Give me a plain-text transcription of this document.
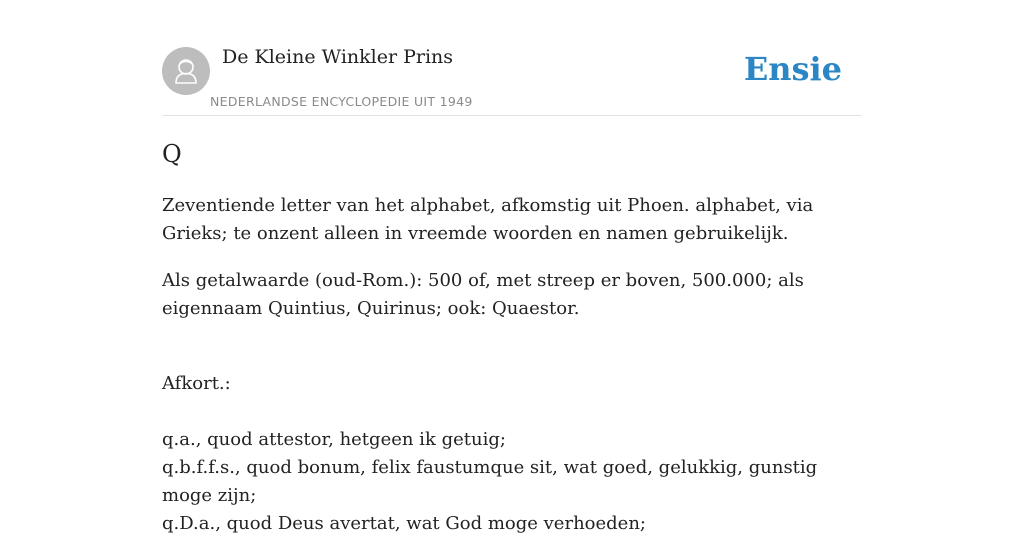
De Kleine Winkler Prins
NEDERLANDSE ENCYCLOPEDIE UIT 1949
Ensie
Q

Zeventiende letter van het alphabet, afkomstig uit Phoen. alphabet, via Grieks; te onzent alleen in vreemde woorden en namen gebruikelijk.

Als getalwaarde (oud-Rom.): 500 of, met streep er boven, 500.000; als eigennaam Quintius, Quirinus; ook: Quaestor.

Afkort.:
q.a., quod attestor, hetgeen ik getuig;
q.b.f.f.s., quod bonum, felix faustumque sit, wat goed, gelukkig, gunstig moge zijn;
q.D.a., quod Deus avertat, wat God moge verhoeden;
